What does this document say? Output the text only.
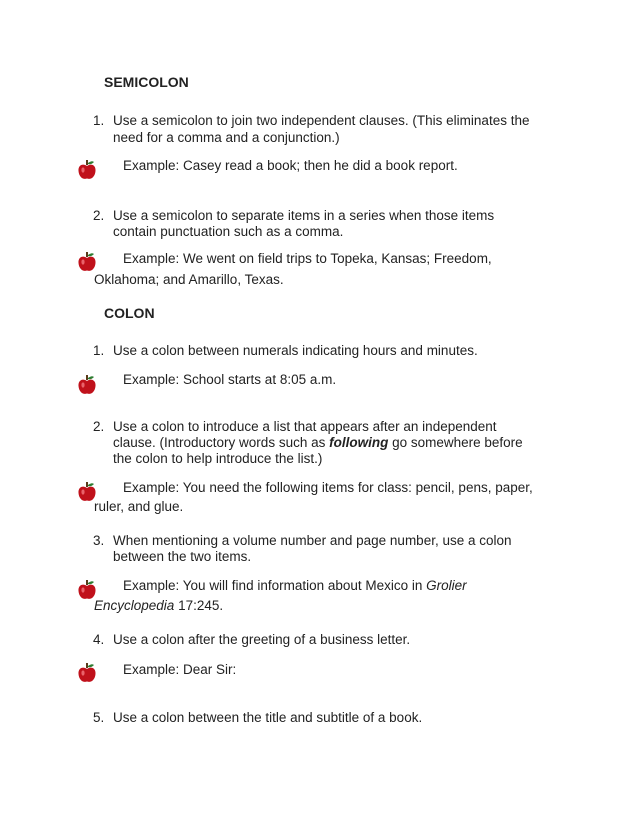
SEMICOLON
1. Use a semicolon to join two independent clauses. (This eliminates the
need for a comma and a conjunction.)
Example: Casey read a book; then he did a book report.
2. Use a semicolon to separate items in a series when those items
contain punctuation such as a comma.
Example: We went on field trips to Topeka, Kansas; Freedom,
Oklahoma; and Amarillo, Texas.
COLON
1. Use a colon between numerals indicating hours and minutes.
Example: School starts at 8:05 a.m.
2. Use a colon to introduce a list that appears after an independent
clause. (Introductory words such as following go somewhere before
the colon to help introduce the list.)
Example: You need the following items for class: pencil, pens, paper,
ruler, and glue.
3. When mentioning a volume number and page number, use a colon
between the two items.
Example: You will find information about Mexico in Grolier
Encyclopedia 17:245.
4. Use a colon after the greeting of a business letter.
Example: Dear Sir:
5. Use a colon between the title and subtitle of a book.
